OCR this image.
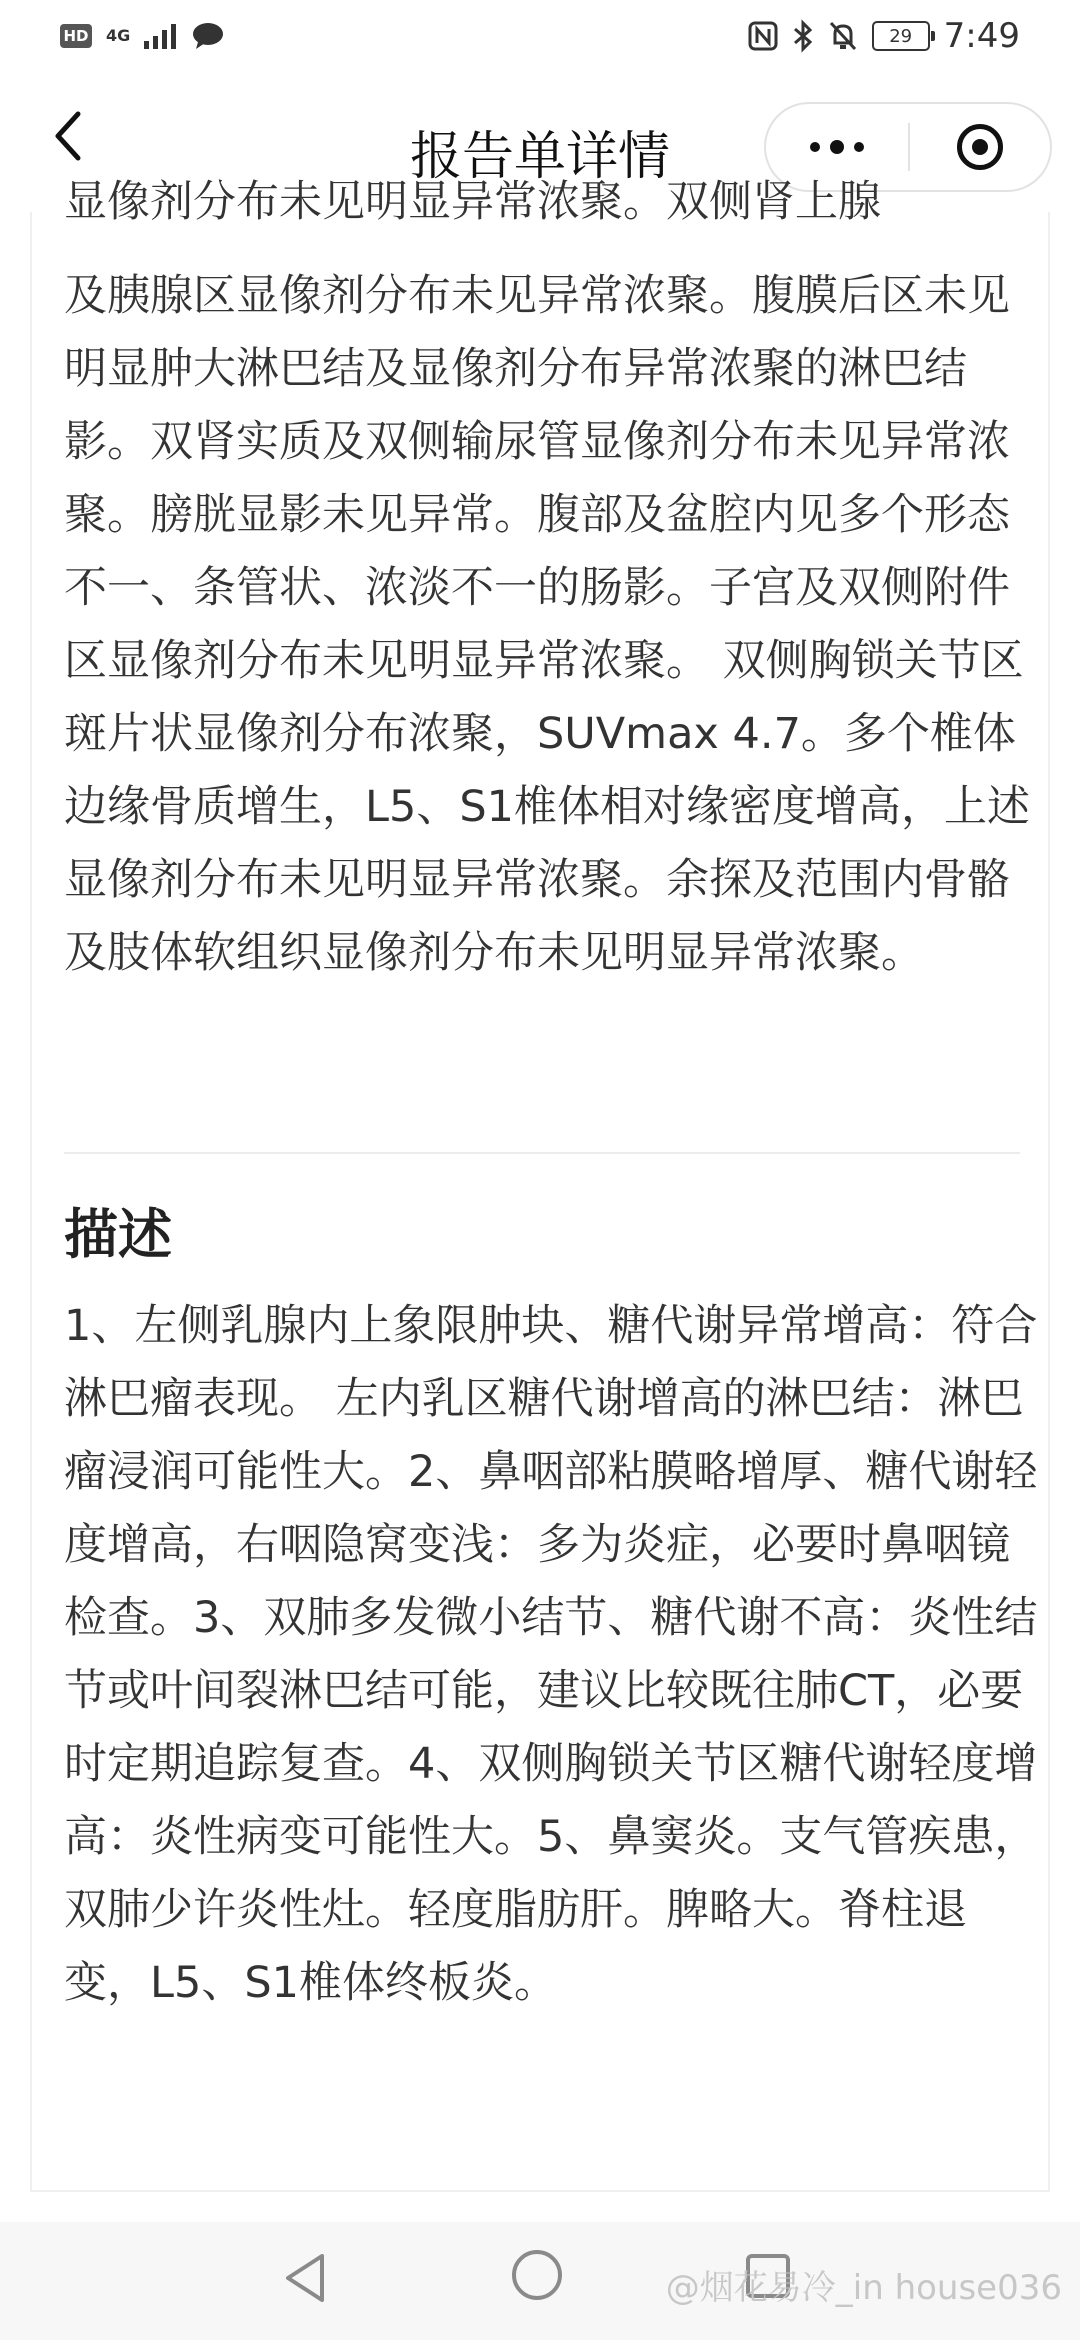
HD 4G	29 7:49
报告单详情
显像剂分布未见明显异常浓聚。双侧肾上腺

及胰腺区显像剂分布未见异常浓聚。腹膜后区未见明显肿大淋巴结及显像剂分布异常浓聚的淋巴结影。双肾实质及双侧输尿管显像剂分布未见异常浓聚。膀胱显影未见异常。腹部及盆腔内见多个形态不一、条管状、浓淡不一的肠影。子宫及双侧附件区显像剂分布未见明显异常浓聚。 双侧胸锁关节区斑片状显像剂分布浓聚，SUVmax 4.7。多个椎体边缘骨质增生，L5、S1椎体相对缘密度增高，上述显像剂分布未见明显异常浓聚。余探及范围内骨骼及肢体软组织显像剂分布未见明显异常浓聚。

描述

1、左侧乳腺内上象限肿块、糖代谢异常增高：符合淋巴瘤表现。 左内乳区糖代谢增高的淋巴结：淋巴瘤浸润可能性大。2、鼻咽部粘膜略增厚、糖代谢轻度增高，右咽隐窝变浅：多为炎症，必要时鼻咽镜检查。3、双肺多发微小结节、糖代谢不高：炎性结节或叶间裂淋巴结可能，建议比较既往肺CT，必要时定期追踪复查。4、双侧胸锁关节区糖代谢轻度增高：炎性病变可能性大。5、鼻窦炎。支气管疾患，双肺少许炎性灶。轻度脂肪肝。脾略大。脊柱退变，L5、S1椎体终板炎。

@烟花易冷_in house036
